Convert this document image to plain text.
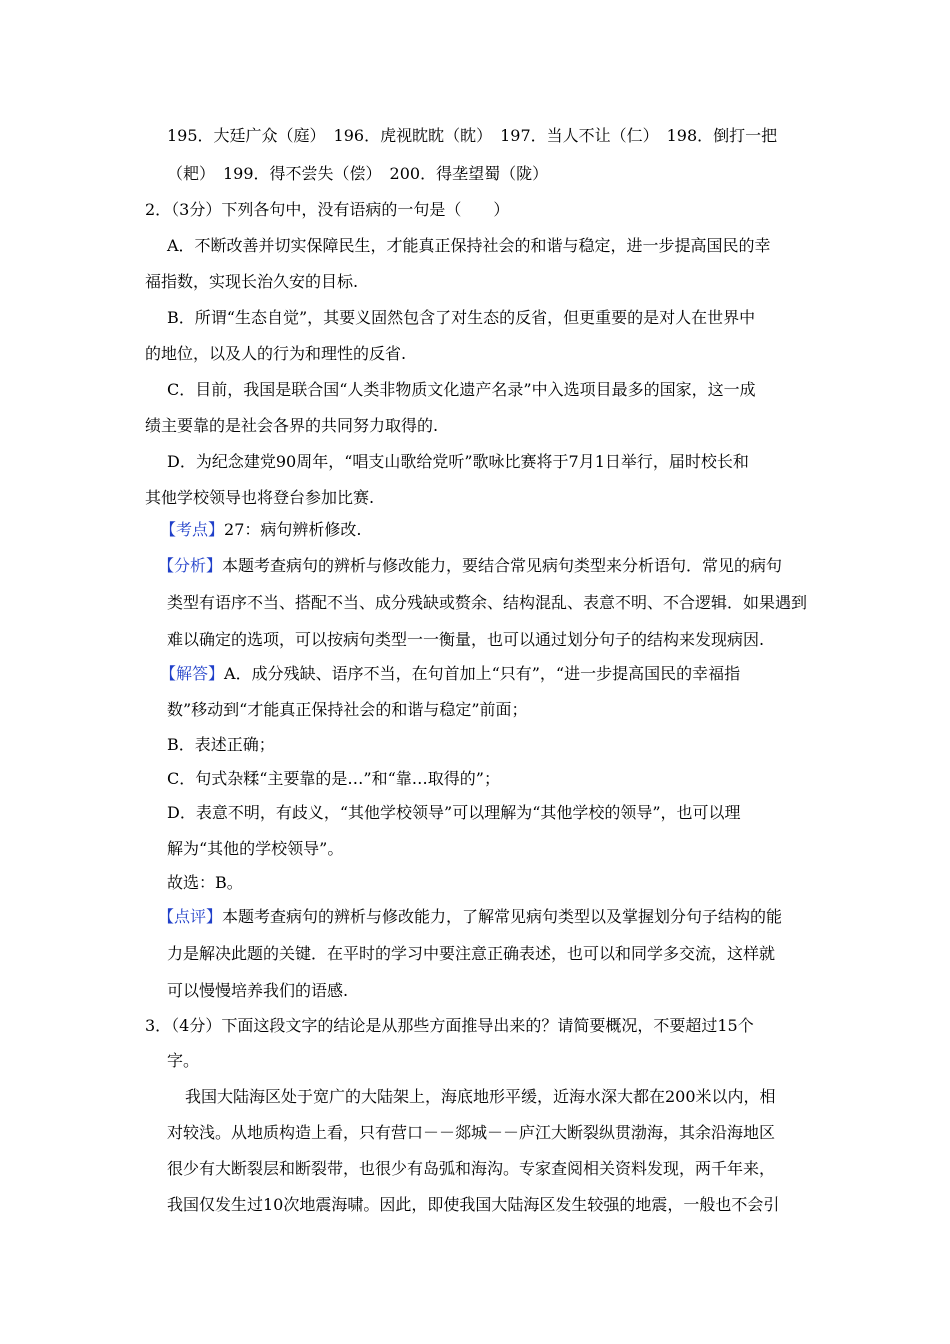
195．大廷广众（庭）　196．虎视眈眈（眈）　197．当人不让（仁）　198．倒打一把
（耙）　199．得不尝失（偿）　200．得垄望蜀（陇）
2．（3分）下列各句中，没有语病的一句是（　　）
A．不断改善并切实保障民生，才能真正保持社会的和谐与稳定，进一步提高国民的幸
福指数，实现长治久安的目标.
B．所谓“生态自觉”，其要义固然包含了对生态的反省，但更重要的是对人在世界中
的地位，以及人的行为和理性的反省.
C．目前，我国是联合国“人类非物质文化遗产名录”中入选项目最多的国家，这一成
绩主要靠的是社会各界的共同努力取得的.
D．为纪念建党90周年，“唱支山歌给党听”歌咏比赛将于7月1日举行，届时校长和
其他学校领导也将登台参加比赛.
【考点】27：病句辨析修改.
【分析】本题考查病句的辨析与修改能力，要结合常见病句类型来分析语句．常见的病句
类型有语序不当、搭配不当、成分残缺或赘余、结构混乱、表意不明、不合逻辑．如果遇到
难以确定的选项，可以按病句类型一一衡量，也可以通过划分句子的结构来发现病因.
【解答】A．成分残缺、语序不当，在句首加上“只有”，“进一步提高国民的幸福指
数”移动到“才能真正保持社会的和谐与稳定”前面；
B．表述正确；
C．句式杂糅“主要靠的是…”和“靠…取得的”；
D．表意不明，有歧义，“其他学校领导”可以理解为“其他学校的领导”，也可以理
解为“其他的学校领导”。
故选：B。
【点评】本题考查病句的辨析与修改能力，了解常见病句类型以及掌握划分句子结构的能
力是解决此题的关键．在平时的学习中要注意正确表述，也可以和同学多交流，这样就
可以慢慢培养我们的语感.
3．（4分）下面这段文字的结论是从那些方面推导出来的？请简要概况，不要超过15个
字。
我国大陆海区处于宽广的大陆架上，海底地形平缓，近海水深大都在200米以内，相
对较浅。从地质构造上看，只有营口－－郯城－－庐江大断裂纵贯渤海，其余沿海地区
很少有大断裂层和断裂带，也很少有岛弧和海沟。专家查阅相关资料发现，两千年来，
我国仅发生过10次地震海啸。因此，即使我国大陆海区发生较强的地震，一般也不会引
